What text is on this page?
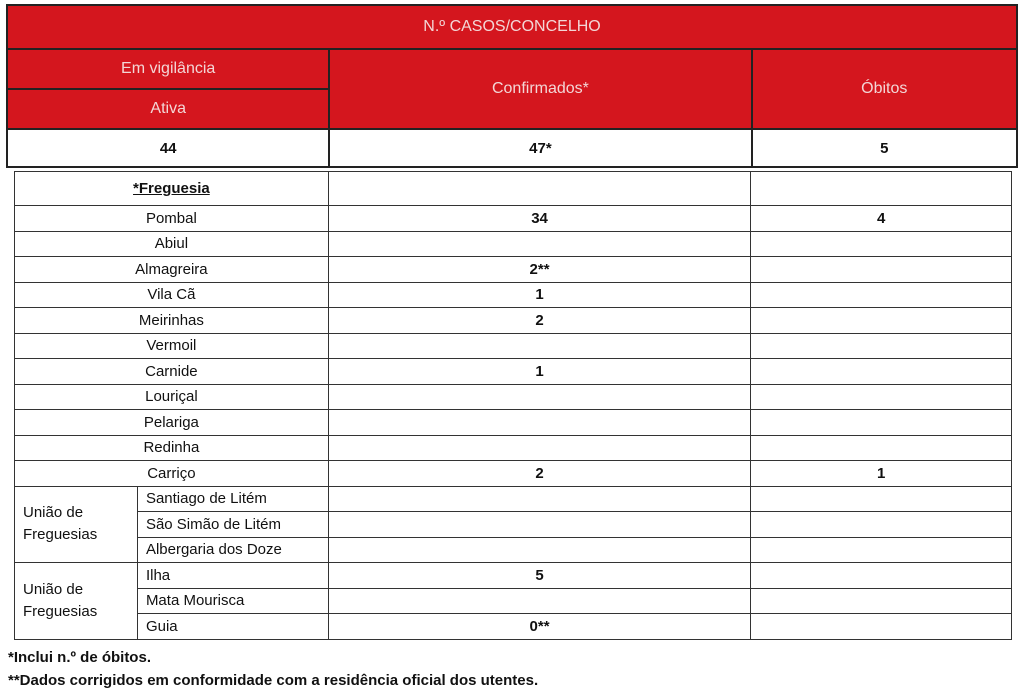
N.º CASOS/CONCELHO		
Em vigilância	Confirmados*	Óbitos
Ativa		
44	47*	5
*Freguesia			
Pombal		34	4
Abiul			
Almagreira		2**	
Vila Cã		1	
Meirinhas		2	
Vermoil			
Carnide		1	
Louriçal			
Pelariga			
Redinha			
Carriço		2	1

União de
Freguesias	Santiago de Litém		
	São Simão de Litém		
	Albergaria dos Doze		

União de
Freguesias	Ilha	5	
	Mata Mourisca		
	Guia	0**	
*Inclui n.º de óbitos.
**Dados corrigidos em conformidade com a residência oficial dos utentes.
